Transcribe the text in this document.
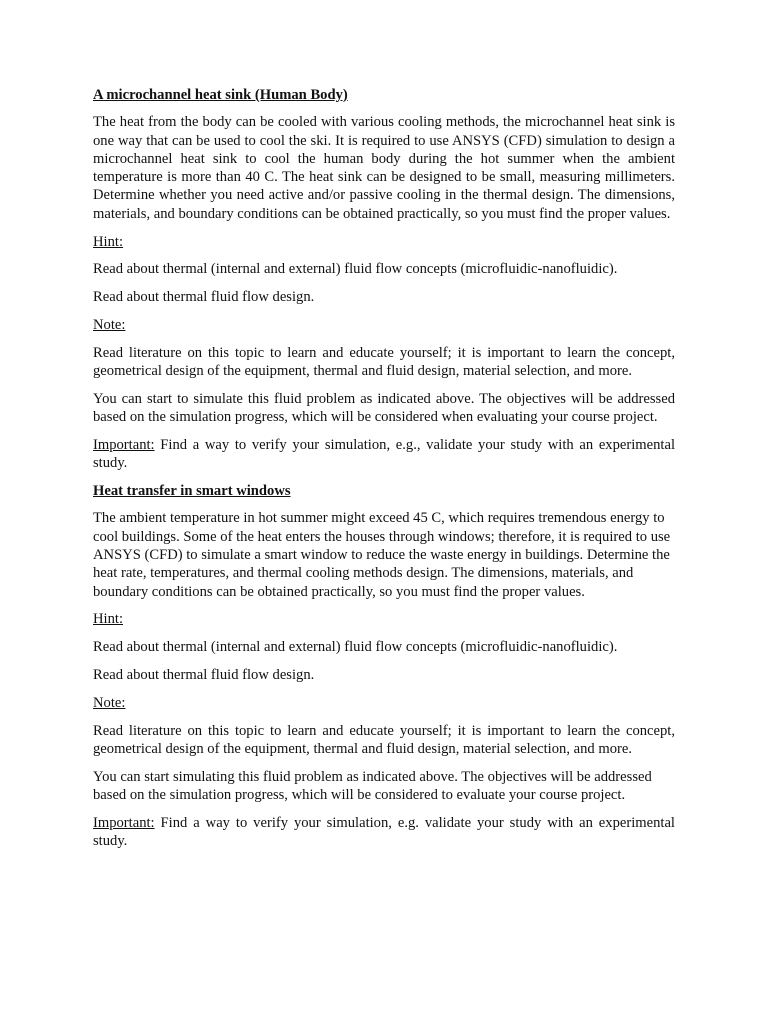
A microchannel heat sink (Human Body)

The heat from the body can be cooled with various cooling methods, the microchannel heat sink is one way that can be used to cool the ski. It is required to use ANSYS (CFD) simulation to design a microchannel heat sink to cool the human body during the hot summer when the ambient temperature is more than 40 C. The heat sink can be designed to be small, measuring millimeters. Determine whether you need active and/or passive cooling in the thermal design. The dimensions, materials, and boundary conditions can be obtained practically, so you must find the proper values.

Hint:

Read about thermal (internal and external) fluid flow concepts (microfluidic-nanofluidic).

Read about thermal fluid flow design.

Note:

Read literature on this topic to learn and educate yourself; it is important to learn the concept, geometrical design of the equipment, thermal and fluid design, material selection, and more.

You can start to simulate this fluid problem as indicated above. The objectives will be addressed based on the simulation progress, which will be considered when evaluating your course project.

Important: Find a way to verify your simulation, e.g., validate your study with an experimental study.

Heat transfer in smart windows

The ambient temperature in hot summer might exceed 45 C, which requires tremendous energy to cool buildings. Some of the heat enters the houses through windows; therefore, it is required to use ANSYS (CFD) to simulate a smart window to reduce the waste energy in buildings. Determine the heat rate, temperatures, and thermal cooling methods design. The dimensions, materials, and boundary conditions can be obtained practically, so you must find the proper values.

Hint:

Read about thermal (internal and external) fluid flow concepts (microfluidic-nanofluidic).

Read about thermal fluid flow design.

Note:

Read literature on this topic to learn and educate yourself; it is important to learn the concept, geometrical design of the equipment, thermal and fluid design, material selection, and more.

You can start simulating this fluid problem as indicated above. The objectives will be addressed based on the simulation progress, which will be considered to evaluate your course project.

Important: Find a way to verify your simulation, e.g. validate your study with an experimental study.
